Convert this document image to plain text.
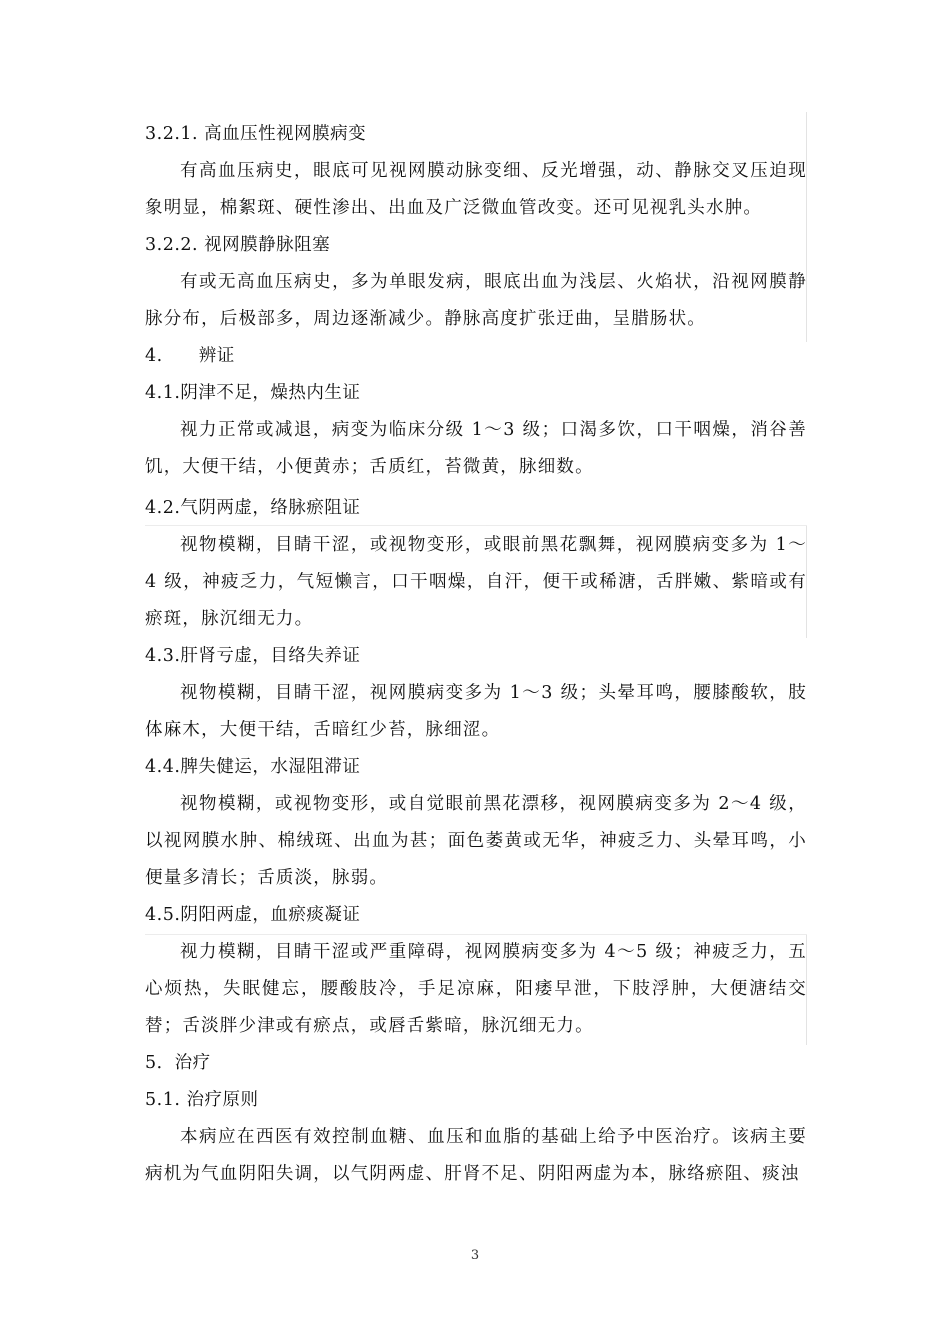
3.2.1. 高血压性视网膜病变
有高血压病史，眼底可见视网膜动脉变细、反光增强，动、静脉交叉压迫现象明显，棉絮斑、硬性渗出、出血及广泛微血管改变。还可见视乳头水肿。
3.2.2. 视网膜静脉阻塞
有或无高血压病史，多为单眼发病，眼底出血为浅层、火焰状，沿视网膜静脉分布，后极部多，周边逐渐减少。静脉高度扩张迂曲，呈腊肠状。
4.　　辨证
4.1.阴津不足，燥热内生证
视力正常或减退，病变为临床分级 1～3 级；口渴多饮，口干咽燥，消谷善饥，大便干结，小便黄赤；舌质红，苔微黄，脉细数。
4.2.气阴两虚，络脉瘀阻证
视物模糊，目睛干涩，或视物变形，或眼前黑花飘舞，视网膜病变多为 1～4 级，神疲乏力，气短懒言，口干咽燥，自汗，便干或稀溏，舌胖嫩、紫暗或有瘀斑，脉沉细无力。
4.3.肝肾亏虚，目络失养证
视物模糊，目睛干涩，视网膜病变多为 1～3 级；头晕耳鸣，腰膝酸软，肢体麻木，大便干结，舌暗红少苔，脉细涩。
4.4.脾失健运，水湿阻滞证
视物模糊，或视物变形，或自觉眼前黑花漂移，视网膜病变多为 2～4 级，以视网膜水肿、棉绒斑、出血为甚；面色萎黄或无华，神疲乏力、头晕耳鸣，小便量多清长；舌质淡，脉弱。
4.5.阴阳两虚，血瘀痰凝证
视力模糊，目睛干涩或严重障碍，视网膜病变多为 4～5 级；神疲乏力，五心烦热，失眠健忘，腰酸肢冷，手足凉麻，阳痿早泄，下肢浮肿，大便溏结交替；舌淡胖少津或有瘀点，或唇舌紫暗，脉沉细无力。
5．治疗
5.1. 治疗原则
本病应在西医有效控制血糖、血压和血脂的基础上给予中医治疗。该病主要病机为气血阴阳失调，以气阴两虚、肝肾不足、阴阳两虚为本，脉络瘀阻、痰浊
3
